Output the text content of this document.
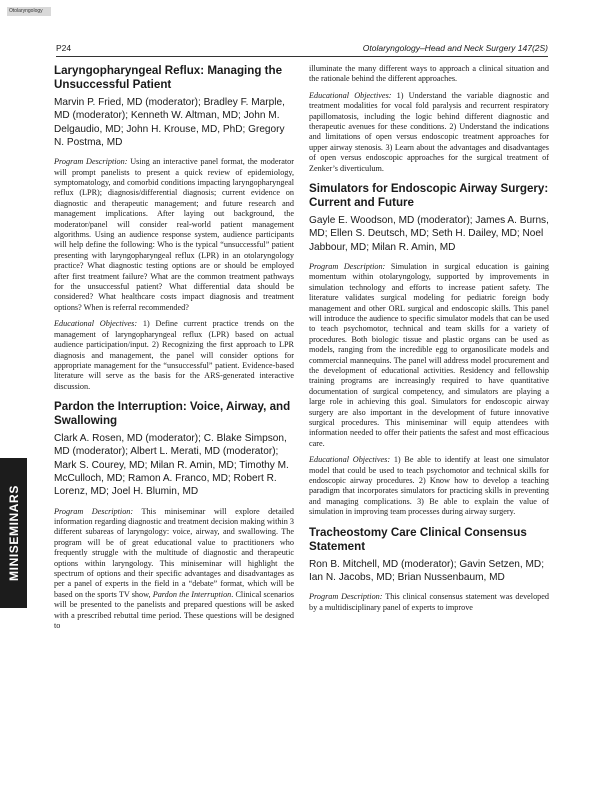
Otolaryngology
P24	Otolaryngology–Head and Neck Surgery 147(2S)
MINISEMINARS
Laryngopharyngeal Reflux: Managing the Unsuccessful Patient
Marvin P. Fried, MD (moderator); Bradley F. Marple, MD (moderator); Kenneth W. Altman, MD; John M. Delgaudio, MD; John H. Krouse, MD, PhD; Gregory N. Postma, MD

Program Description: Using an interactive panel format, the moderator will prompt panelists to present a quick review of epidemiology, symptomatology, and comorbid conditions impacting laryngopharyngeal reflux (LPR); diagnosis/differential diagnosis; current evidence on diagnostic and therapeutic management; and future research and management implications. After laying out background, the moderator/panel will consider real-world patient management algorithms. Using an audience response system, audience participants will help define the following: Who is the typical “unsuccessful” patient presenting with laryngopharyngeal reflux (LPR) in an otolaryngology practice? What diagnostic testing options are or should be employed after first treatment failure? What are the common treatment pathways for the unsuccessful patient? What differential data should be considered? What healthcare costs impact diagnosis and treatment options? When is referral recommended?

Educational Objectives: 1) Define current practice trends on the management of laryngopharyngeal reflux (LPR) based on actual audience participation/input. 2) Recognizing the first approach to LPR diagnosis and management, the panel will consider options for appropriate management for the “unsuccessful” patient. Evidence-based literature will serve as the basis for the ARS-generated interactive discussion.

Pardon the Interruption: Voice, Airway, and Swallowing
Clark A. Rosen, MD (moderator); C. Blake Simpson, MD (moderator); Albert L. Merati, MD (moderator); Mark S. Courey, MD; Milan R. Amin, MD; Timothy M. McCulloch, MD; Ramon A. Franco, MD; Robert R. Lorenz, MD; Joel H. Blumin, MD

Program Description: This miniseminar will explore detailed information regarding diagnostic and treatment decision making within 3 different subareas of laryngology: voice, airway, and swallowing. The program will be of great educational value to practitioners who frequently struggle with the multitude of diagnostic and therapeutic options within laryngology. This miniseminar will highlight the spectrum of options and their specific advantages and disadvantages as per a panel of experts in the field in a “debate” format, which will be based on the sports TV show, Pardon the Interruption. Clinical scenarios will be presented to the panelists and prepared questions will be asked with a prescribed rebuttal time period. These questions will be designed to

illuminate the many different ways to approach a clinical situation and the rationale behind the different approaches.

Educational Objectives: 1) Understand the variable diagnostic and treatment modalities for vocal fold paralysis and recurrent respiratory papillomatosis, including the logic behind different diagnostic and therapeutic avenues for these conditions. 2) Understand the indications and limitations of open versus endoscopic treatment approaches for upper airway stenosis. 3) Learn about the advantages and disadvantages of open versus endoscopic approaches for the surgical treatment of Zenker’s diverticulum.

Simulators for Endoscopic Airway Surgery: Current and Future
Gayle E. Woodson, MD (moderator); James A. Burns, MD; Ellen S. Deutsch, MD; Seth H. Dailey, MD; Noel Jabbour, MD; Milan R. Amin, MD

Program Description: Simulation in surgical education is gaining momentum within otolaryngology, supported by improvements in simulation technology and efforts to increase patient safety. The literature validates surgical modeling for pediatric foreign body management and other ORL surgical and endoscopic skills. This panel will introduce the audience to specific simulator models that can be used to teach psychomotor, technical and team skills for a variety of procedures. Both biologic tissue and plastic organs can be used as models, ranging from the incredible egg to organosilicate models and commercial mannequins. The panel will address model procurement and the development of educational activities. Residency and fellowship training programs are increasingly required to have quantitative documentation of surgical competency, and simulators are playing a large role in achieving this goal. Simulators for endoscopic airway surgery are also important in the development of future innovative surgical procedures. This miniseminar will equip attendees with information needed to offer their patients the safest and most efficacious care.

Educational Objectives: 1) Be able to identify at least one simulator model that could be used to teach psychomotor and technical skills for endoscopic airway procedures. 2) Know how to develop a teaching paradigm that incorporates simulators for practicing skills in preventing and managing complications. 3) Be able to explain the value of simulation in improving team processes during airway surgery.

Tracheostomy Care Clinical Consensus Statement
Ron B. Mitchell, MD (moderator); Gavin Setzen, MD; Ian N. Jacobs, MD; Brian Nussenbaum, MD

Program Description: This clinical consensus statement was developed by a multidisciplinary panel of experts to improve
